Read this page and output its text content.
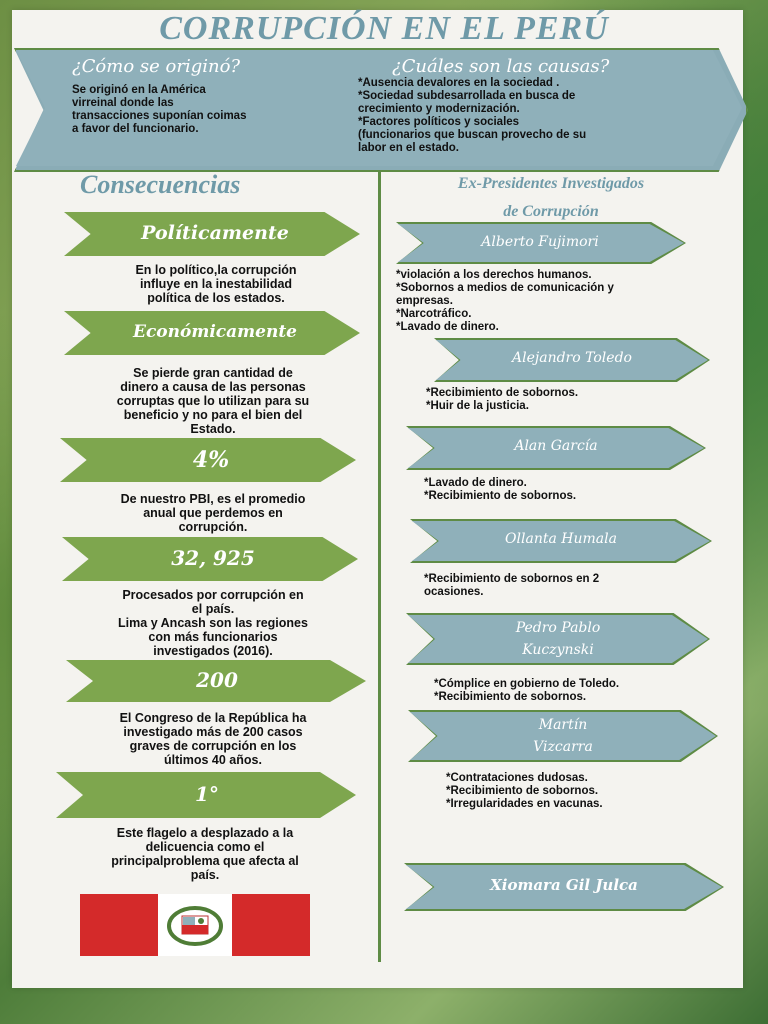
CORRUPCIÓN EN EL PERÚ
¿Cómo se originó?
Se originó en la América
virreinal donde las
transacciones suponían coimas
a favor del funcionario.
¿Cuáles son las causas?
*Ausencia devalores en la sociedad .
*Sociedad subdesarrollada en busca de
crecimiento y modernización.
*Factores políticos y sociales
(funcionarios que buscan provecho de su
labor en el estado.
Consecuencias	Ex-Presidentes Investigados
de Corrupción
Políticamente
En lo político,la corrupción
influye en la inestabilidad
política de los estados.
Económicamente
Se pierde gran cantidad de
dinero a causa de las personas
corruptas que lo utilizan para su
beneficio y no para el bien del
Estado.
4%
De nuestro PBI, es el promedio
anual que perdemos en
corrupción.
32, 925
Procesados por corrupción en
el país.
Lima y Ancash son las regiones
con más funcionarios
investigados (2016).
200
El Congreso de la República ha
investigado más de 200 casos
graves de corrupción en los
últimos 40 años.
1°
Este flagelo a desplazado a la
delicuencia como el
principalproblema que afecta al
país.
Alberto Fujimori
*violación a los derechos humanos.
*Sobornos a medios de comunicación y
empresas.
*Narcotráfico.
*Lavado de dinero.
Alejandro Toledo
*Recibimiento de sobornos.
*Huir de la justicia.
Alan García
*Lavado de dinero.
*Recibimiento de sobornos.
Ollanta Humala
*Recibimiento de sobornos en 2
ocasiones.
Pedro Pablo
Kuczynski
*Cómplice en gobierno de Toledo.
*Recibimiento de sobornos.
Martín
Vizcarra
*Contrataciones dudosas.
*Recibimiento de sobornos.
*Irregularidades en vacunas.
Xiomara Gil Julca
